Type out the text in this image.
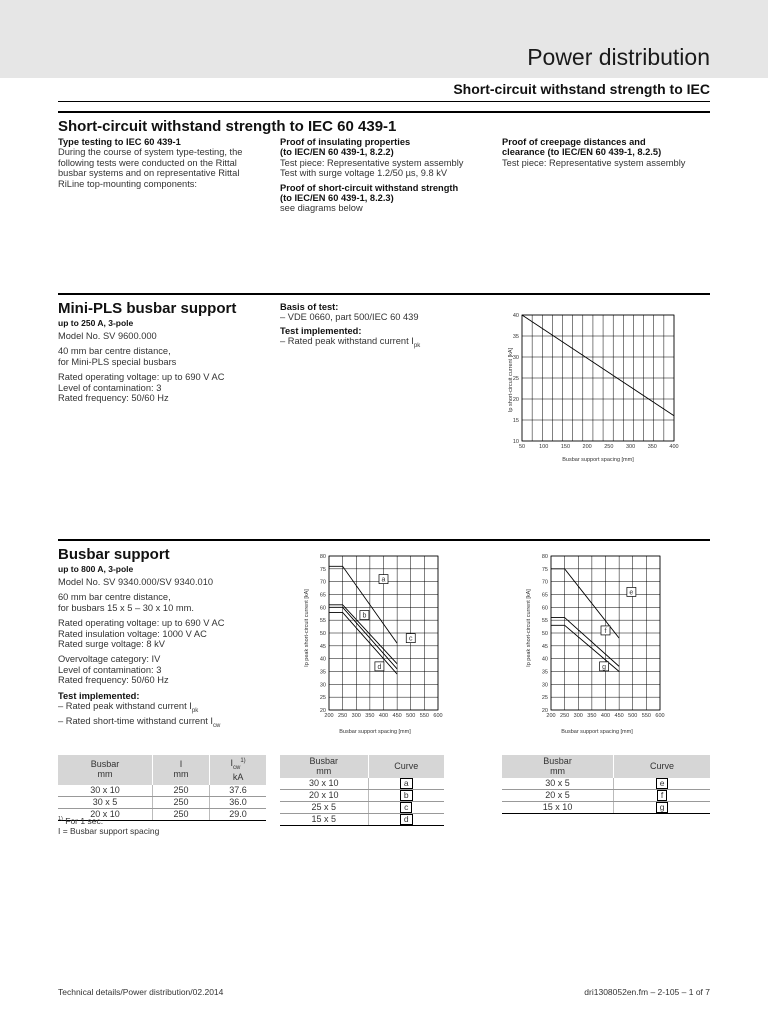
Power distribution
Short-circuit withstand strength to IEC
Short-circuit withstand strength to IEC 60 439-1
Type testing to IEC 60 439-1
During the course of system type-testing, the
following tests were conducted on the Rittal
busbar systems and on representative Rittal
RiLine top-mounting components:
Proof of insulating properties
(to IEC/EN 60 439-1, 8.2.2)
Test piece: Representative system assembly
Test with surge voltage 1.2/50 µs, 9.8 kV
Proof of short-circuit withstand strength
(to IEC/EN 60 439-1, 8.2.3)
see diagrams below
Proof of creepage distances and
clearance (to IEC/EN 60 439-1, 8.2.5)
Test piece: Representative system assembly
Mini-PLS busbar support
up to 250 A, 3-pole
Model No. SV 9600.000
40 mm bar centre distance,
for Mini-PLS special busbars
Rated operating voltage: up to 690 V AC
Level of contamination: 3
Rated frequency: 50/60 Hz
Basis of test:
– VDE 0660, part 500/IEC 60 439
Test implemented:
– Rated peak withstand current $I_{pk}$
10
15
20
25
30
35
40
50	100 150 200 250 300 350 400
Busbar support spacing [mm]
Ip short-circuit current [kA]
Busbar support
up to 800 A, 3-pole
Model No. SV 9340.000/SV 9340.010
60 mm bar centre distance,
for busbars 15 x 5 – 30 x 10 mm.
Rated operating voltage: up to 690 V AC
Rated insulation voltage: 1000 V AC
Rated surge voltage: 8 kV
Overvoltage category: IV
Level of contamination: 3
Rated frequency: 50/60 Hz
Test implemented:
– Rated peak withstand current $I_{pk}$
– Rated short-time withstand current $I_{cw}$
20
25
30
35
40
45
50
55
60
65
70
75
80
200 250 300 350 400 450 500 550 600
a
b
c
d
Busbar support spacing [mm]
Ip peak short-circuit current [kA]
20
25
30
35
40
45
50
55
60
65
70
75
80
200 250 300 350 400 450 500 550 600
e
f
g
Busbar support spacing [mm]
Ip peak short-circuit current [kA]
Busbar
mm	I
mm	$I_{cw}^{1)}$
kA
30 x 10	250	37.6
30 x 5	250	36.0
20 x 10	250	29.0
$^{1)}$ For 1 sec.
I = Busbar support spacing
Busbar
mm	Curve
30 x 10	a
20 x 10	b
25 x 5	c
15 x 5	d
Busbar
mm	Curve
30 x 5	e
20 x 5	f
15 x 10	g
Technical details/Power distribution/02.2014	dri1308052en.fm – 2-105 – 1 of 7
